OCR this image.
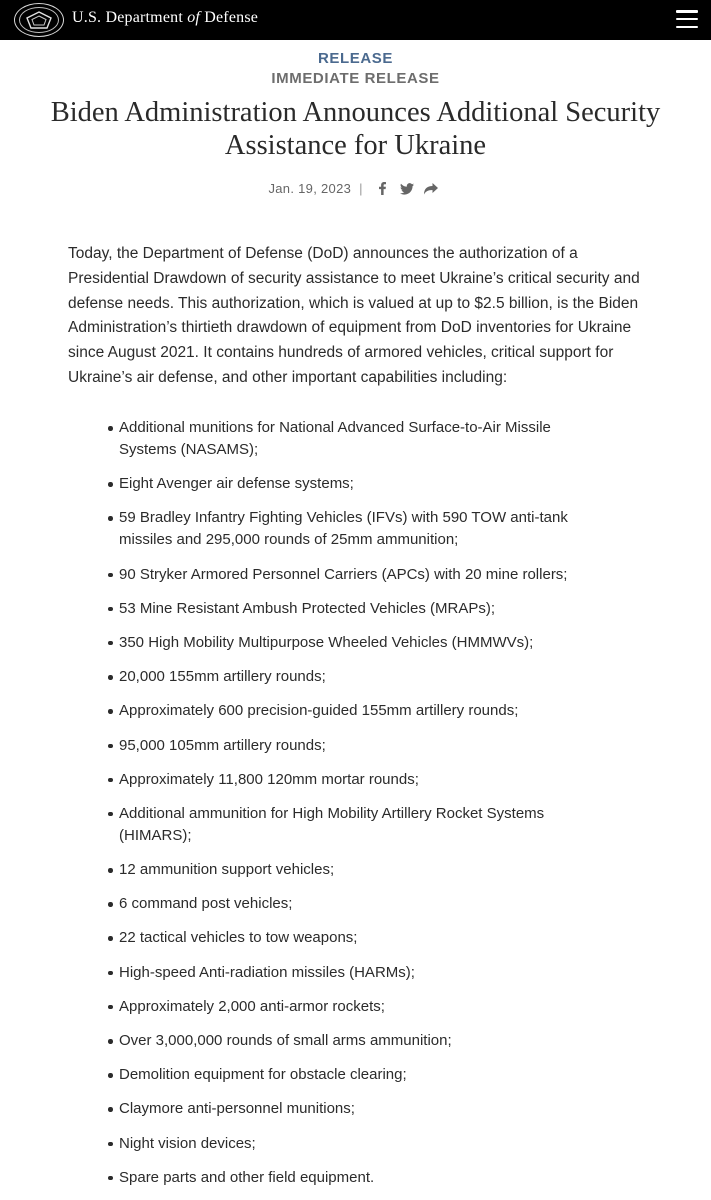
U.S. Department of Defense
RELEASE
IMMEDIATE RELEASE
Biden Administration Announces Additional Security Assistance for Ukraine
Jan. 19, 2023 |

Today, the Department of Defense (DoD) announces the authorization of a Presidential Drawdown of security assistance to meet Ukraine’s critical security and defense needs. This authorization, which is valued at up to $2.5 billion, is the Biden Administration’s thirtieth drawdown of equipment from DoD inventories for Ukraine since August 2021. It contains hundreds of armored vehicles, critical support for Ukraine’s air defense, and other important capabilities including:

Additional munitions for National Advanced Surface-to-Air Missile Systems (NASAMS);
Eight Avenger air defense systems;
59 Bradley Infantry Fighting Vehicles (IFVs) with 590 TOW anti-tank missiles and 295,000 rounds of 25mm ammunition;
90 Stryker Armored Personnel Carriers (APCs) with 20 mine rollers;
53 Mine Resistant Ambush Protected Vehicles (MRAPs);
350 High Mobility Multipurpose Wheeled Vehicles (HMMWVs);
20,000 155mm artillery rounds;
Approximately 600 precision-guided 155mm artillery rounds;
95,000 105mm artillery rounds;
Approximately 11,800 120mm mortar rounds;
Additional ammunition for High Mobility Artillery Rocket Systems (HIMARS);
12 ammunition support vehicles;
6 command post vehicles;
22 tactical vehicles to tow weapons;
High-speed Anti-radiation missiles (HARMs);
Approximately 2,000 anti-armor rockets;
Over 3,000,000 rounds of small arms ammunition;
Demolition equipment for obstacle clearing;
Claymore anti-personnel munitions;
Night vision devices;
Spare parts and other field equipment.
